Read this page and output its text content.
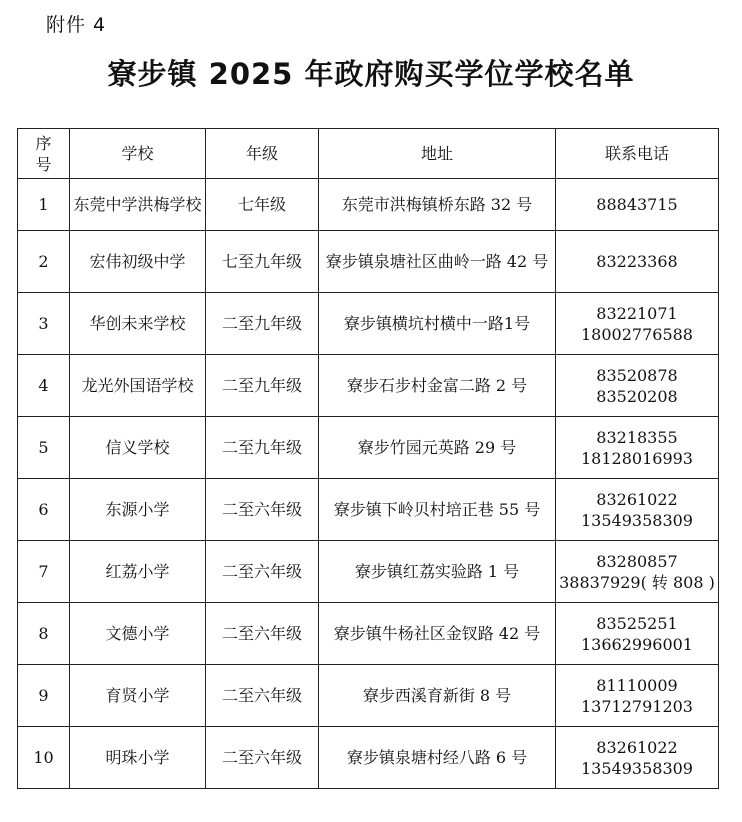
附件 4
寮步镇 2025 年政府购买学位学校名单
序
号	学校	年级	地址	联系电话
1	东莞中学洪梅学校	七年级	东莞市洪梅镇桥东路 32 号	88843715

2	宏伟初级中学	七至九年级	寮步镇泉塘社区曲岭一路 42 号	83223368

3	华创未来学校	二至九年级	寮步镇横坑村横中一路1号	83221071
18002776588

4	龙光外国语学校	二至九年级	寮步石步村金富二路 2 号	83520878
83520208

5	信义学校	二至九年级	寮步竹园元英路 29 号	83218355
18128016993

6	东源小学	二至六年级	寮步镇下岭贝村培正巷 55 号	83261022
13549358309

7	红荔小学	二至六年级	寮步镇红荔实验路 1 号	83280857
38837929( 转 808 )

8	文德小学	二至六年级	寮步镇牛杨社区金钗路 42 号	83525251
13662996001

9	育贤小学	二至六年级	寮步西溪育新街 8 号	81110009
13712791203

10	明珠小学	二至六年级	寮步镇泉塘村经八路 6 号	83261022
13549358309
